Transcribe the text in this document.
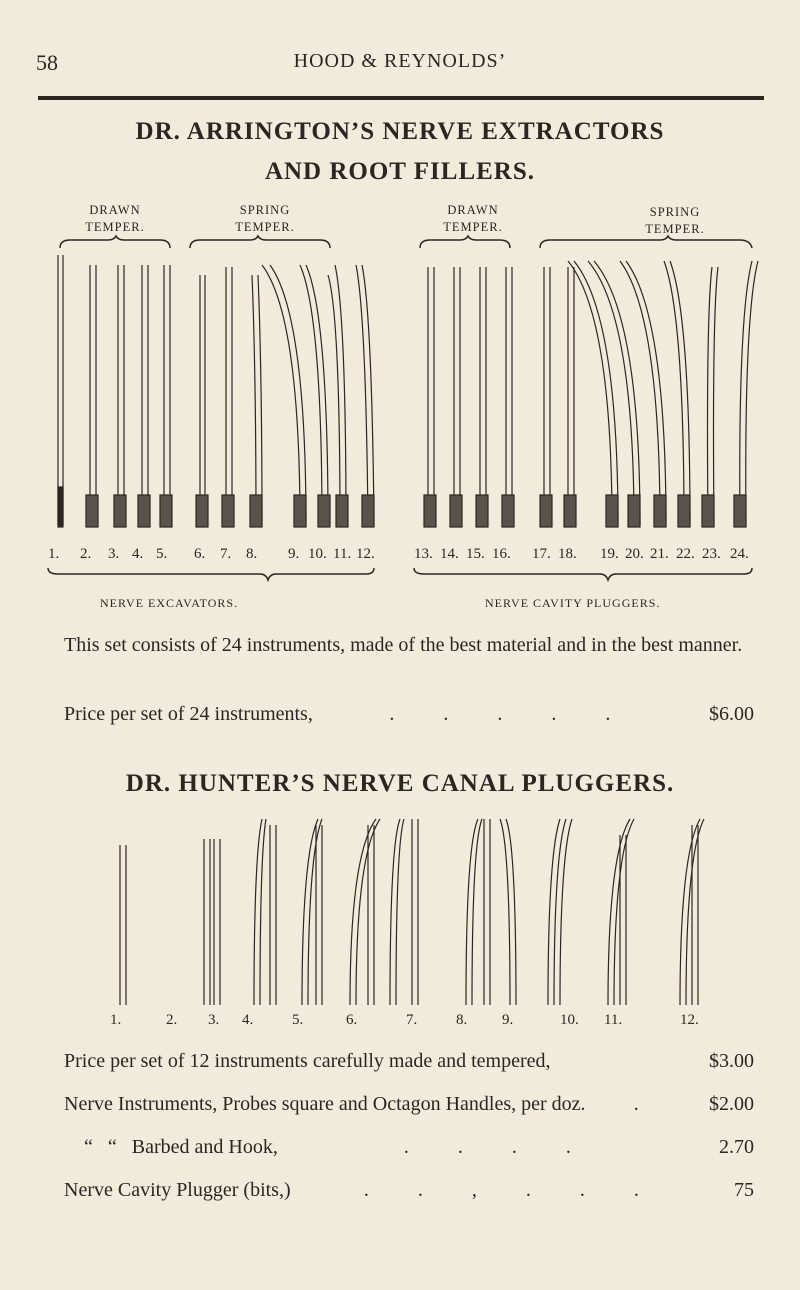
58	HOOD & REYNOLDS’
DR. ARRINGTON’S NERVE EXTRACTORS
AND ROOT FILLERS.
DRAWN
TEMPER.
SPRING
TEMPER.
DRAWN
TEMPER.
SPRING
TEMPER.
1. 2. 3. 4. 5. 6. 7. 8. 9. 10. 11. 12.	13. 14. 15. 16. 17. 18. 19. 20. 21. 22. 23. 24.
NERVE EXCAVATORS.	NERVE CAVITY PLUGGERS.
This set consists of 24 instruments, made of the best material and in the best manner.
Price per set of 24 instruments,	. . . . .	$6.00
DR. HUNTER’S NERVE CANAL PLUGGERS.
1.	2. 3. 4.	5.	6.	7.	8. 9.	10. 11.	12.
Price per set of 12 instruments carefully made and tempered,	$3.00
Nerve Instruments, Probes square and Octagon Handles, per doz. . $2.00
“   “   Barbed and Hook,	. . . .	2.70
Nerve Cavity Plugger (bits,)	. . , . . .	75
